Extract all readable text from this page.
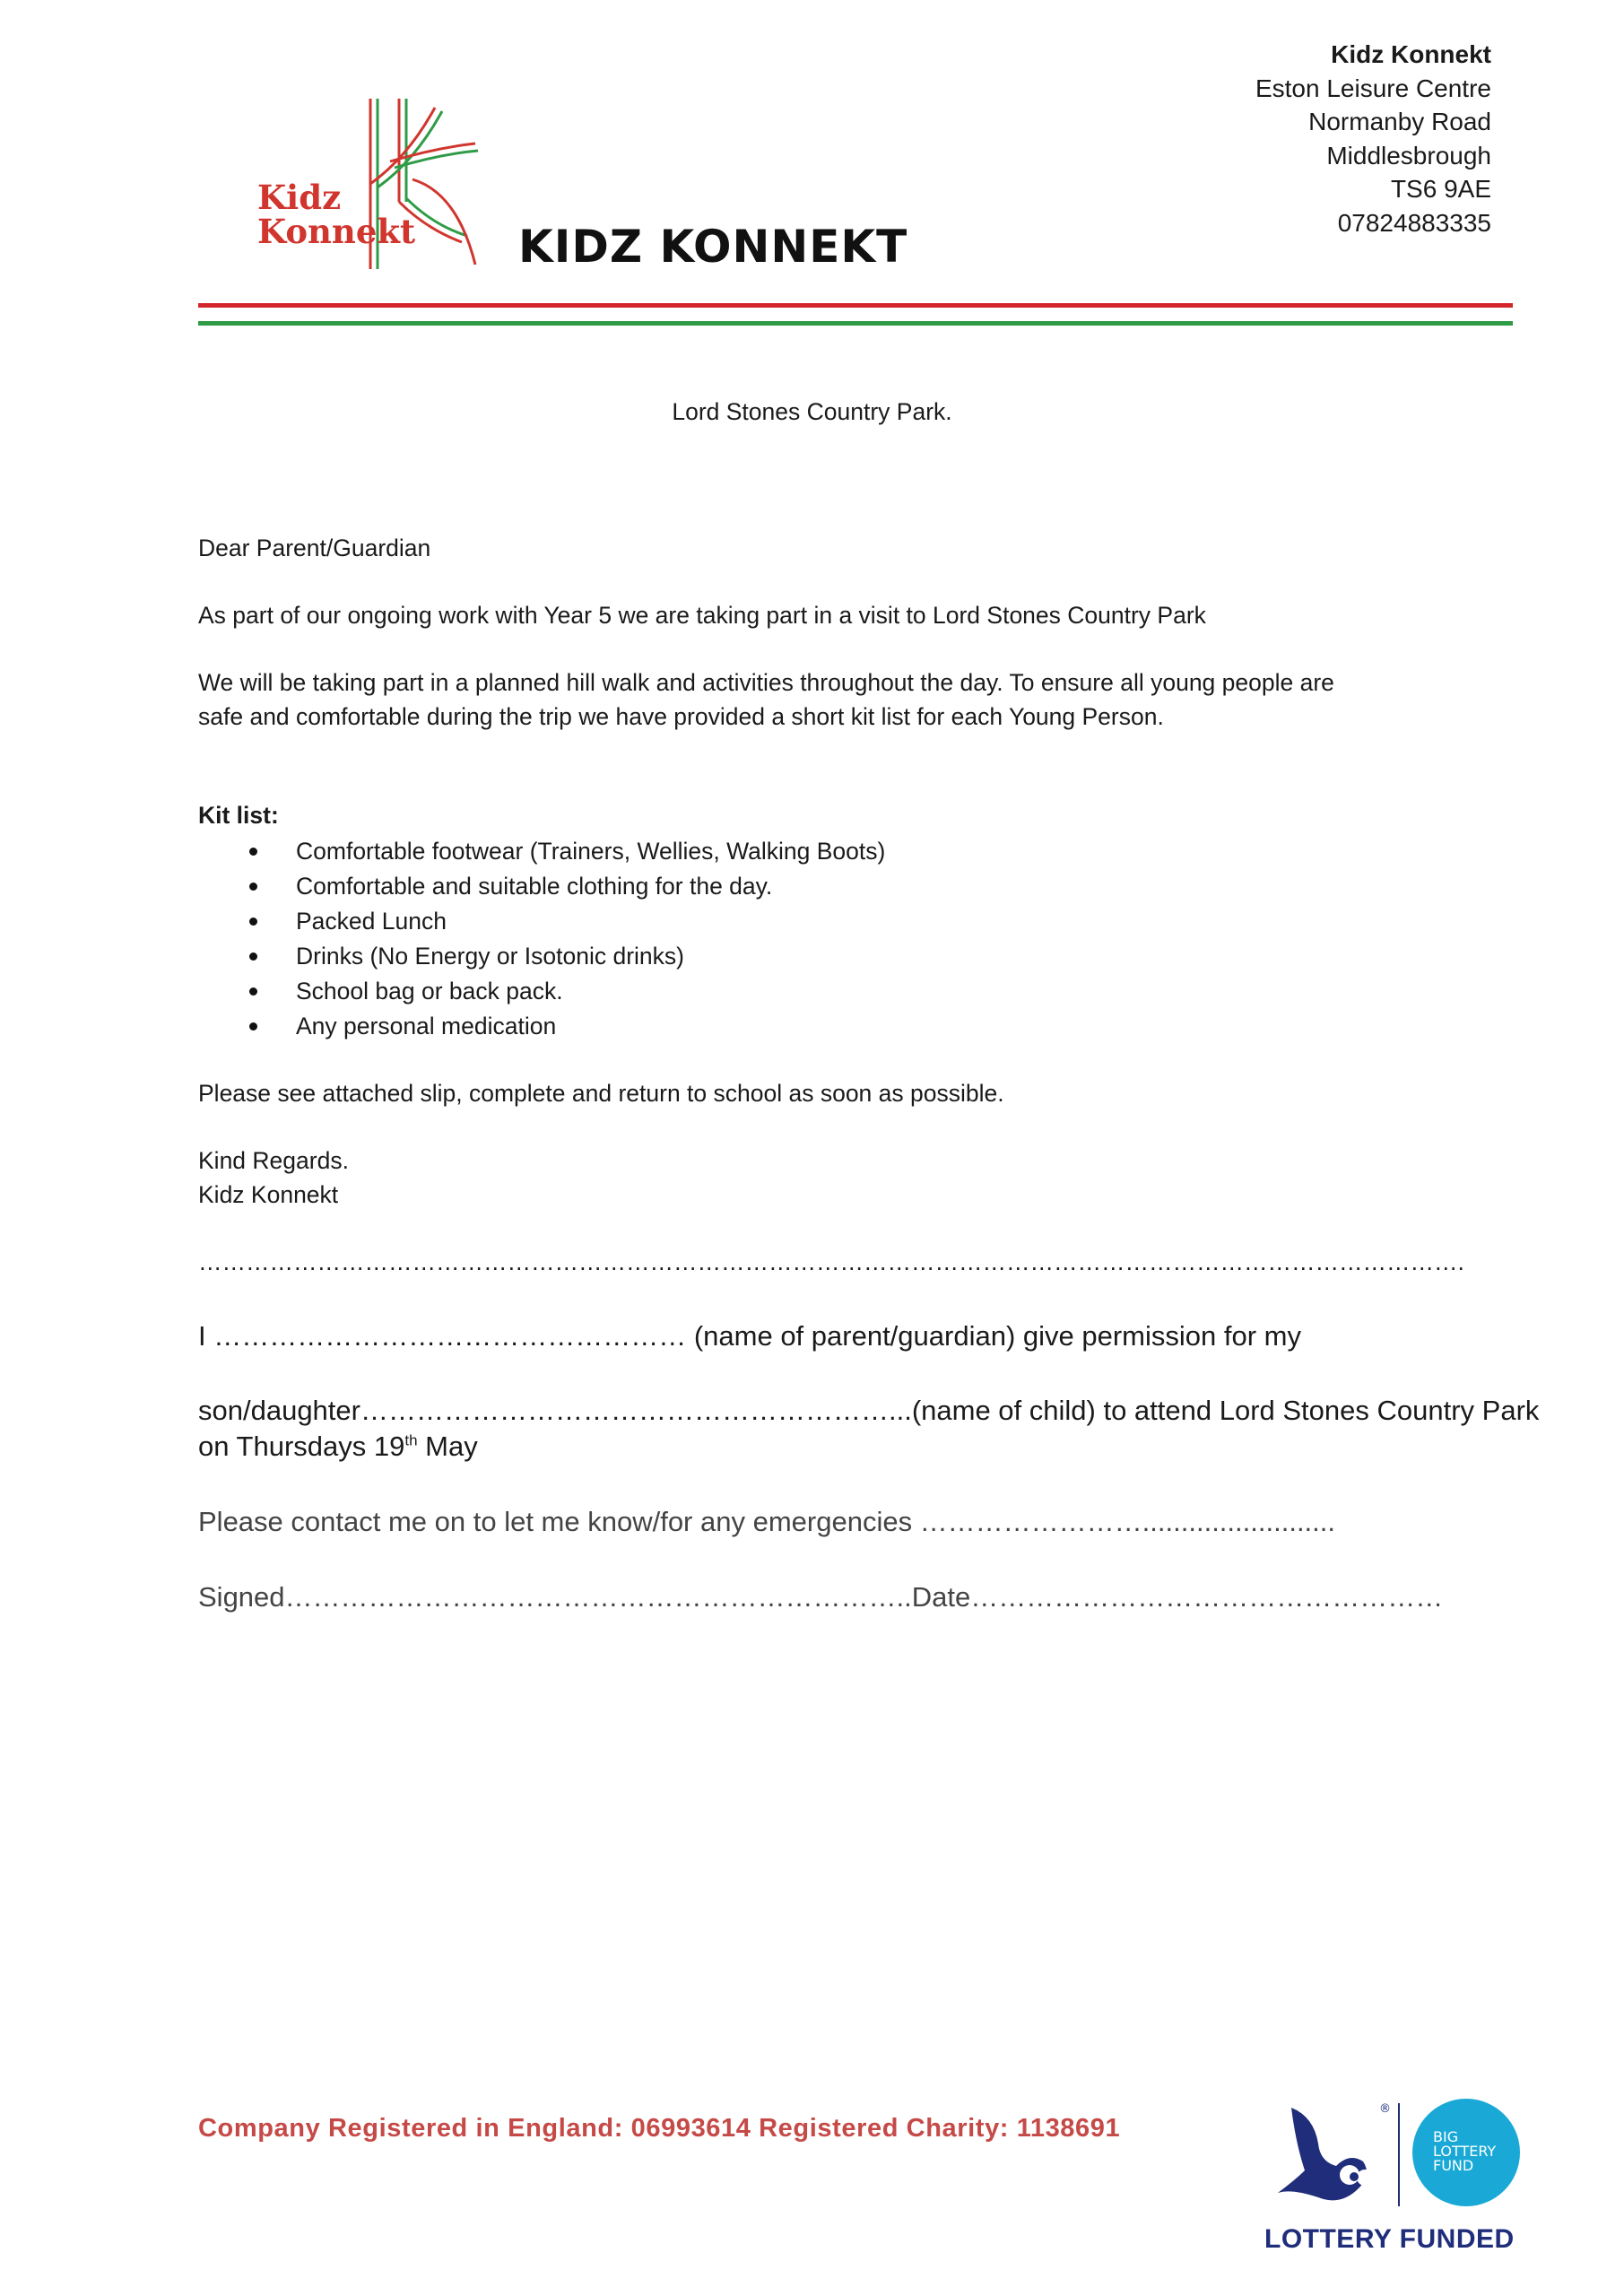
Kidz
Konnekt KIDZ KONNEKT
Kidz Konnekt
Eston Leisure Centre
Normanby Road
Middlesbrough
TS6 9AE
07824883335
Lord Stones Country Park.
Dear Parent/Guardian
As part of our ongoing work with Year 5 we are taking part in a visit to Lord Stones Country Park
We will be taking part in a planned hill walk and activities throughout the day. To ensure all young people are
safe and comfortable during the trip we have provided a short kit list for each Young Person.
Kit list:
Comfortable footwear (Trainers, Wellies, Walking Boots)
Comfortable and suitable clothing for the day.
Packed Lunch
Drinks (No Energy or Isotonic drinks)
School bag or back pack.
Any personal medication
Please see attached slip, complete and return to school as soon as possible.
Kind Regards.
Kidz Konnekt
…………………………………………………………………………………………………………………………………………….
I …………………………………………… (name of parent/guardian) give permission for my
son/daughter…………………………………………………...(name of child) to attend Lord Stones Country Park
on Thursdays 19th May
Please contact me on to let me know/for any emergencies …………………….........................
Signed…………………………………………………………..Date……………………………………………
Company Registered in England: 06993614 Registered Charity: 1138691
®
BIG
LOTTERY
FUND
LOTTERY FUNDED
